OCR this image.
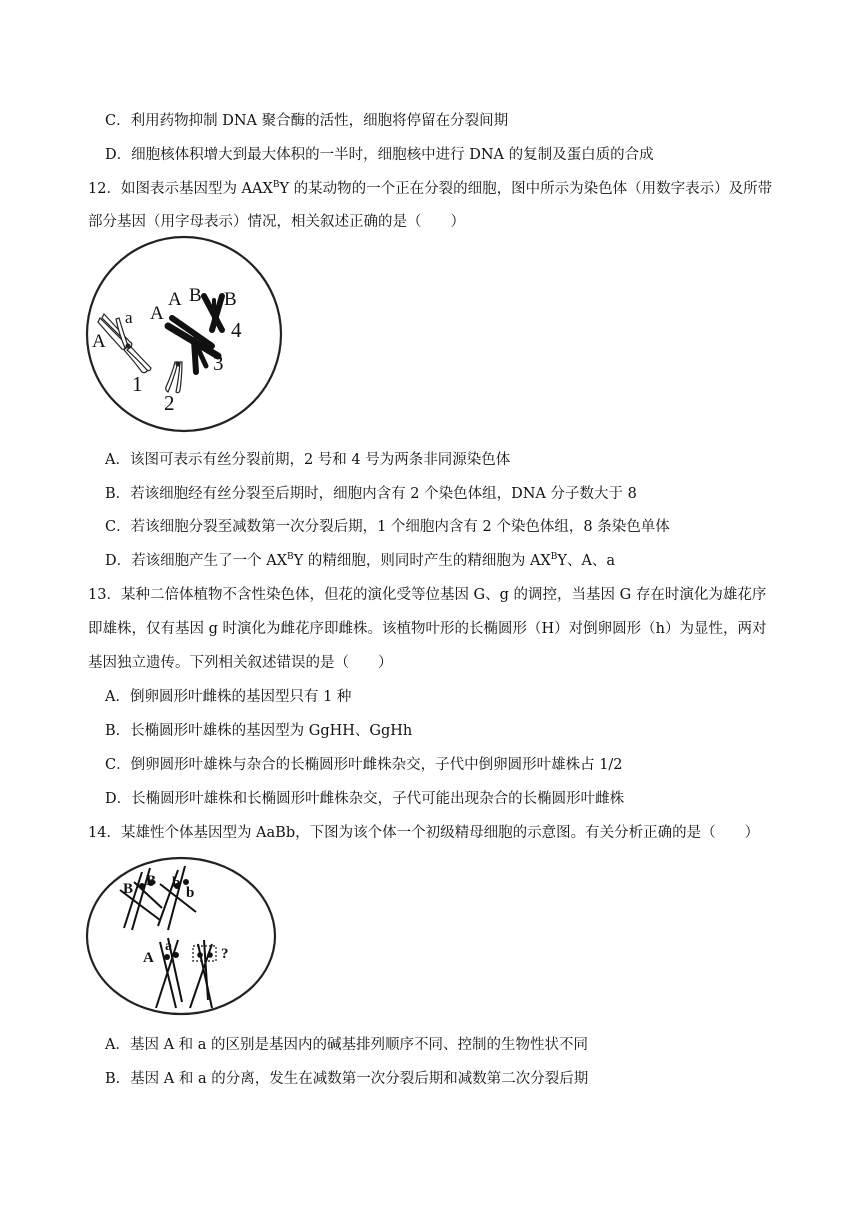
C．利用药物抑制 DNA 聚合酶的活性，细胞将停留在分裂间期
D．细胞核体积增大到最大体积的一半时，细胞核中进行 DNA 的复制及蛋白质的合成
12．如图表示基因型为 $AAX^BY$ 的某动物的一个正在分裂的细胞，图中所示为染色体（用数字表示）及所带
部分基因（用字母表示）情况，相关叙述正确的是（　　）
A
a A
A B B
1
2
3
4
A．该图可表示有丝分裂前期，2 号和 4 号为两条非同源染色体
B．若该细胞经有丝分裂至后期时，细胞内含有 2 个染色体组，DNA 分子数大于 8
C．若该细胞分裂至减数第一次分裂后期，1 个细胞内含有 2 个染色体组，8 条染色单体
D．若该细胞产生了一个 $AX^BY$ 的精细胞，则同时产生的精细胞为 $AX^BY$、A、a
13．某种二倍体植物不含性染色体，但花的演化受等位基因 G、g 的调控，当基因 G 存在时演化为雄花序
即雄株，仅有基因 g 时演化为雌花序即雌株。该植物叶形的长椭圆形（H）对倒卵圆形（h）为显性，两对
基因独立遗传。下列相关叙述错误的是（　　）
A．倒卵圆形叶雌株的基因型只有 1 种
B．长椭圆形叶雄株的基因型为 GgHH、GgHh
C．倒卵圆形叶雄株与杂合的长椭圆形叶雌株杂交，子代中倒卵圆形叶雄株占 1/2
D．长椭圆形叶雄株和长椭圆形叶雌株杂交，子代可能出现杂合的长椭圆形叶雌株
14．某雄性个体基因型为 AaBb，下图为该个体一个初级精母细胞的示意图。有关分析正确的是（　　）
B B b
b
A
a	?
A．基因 A 和 a 的区别是基因内的碱基排列顺序不同、控制的生物性状不同
B．基因 A 和 a 的分离，发生在减数第一次分裂后期和减数第二次分裂后期
